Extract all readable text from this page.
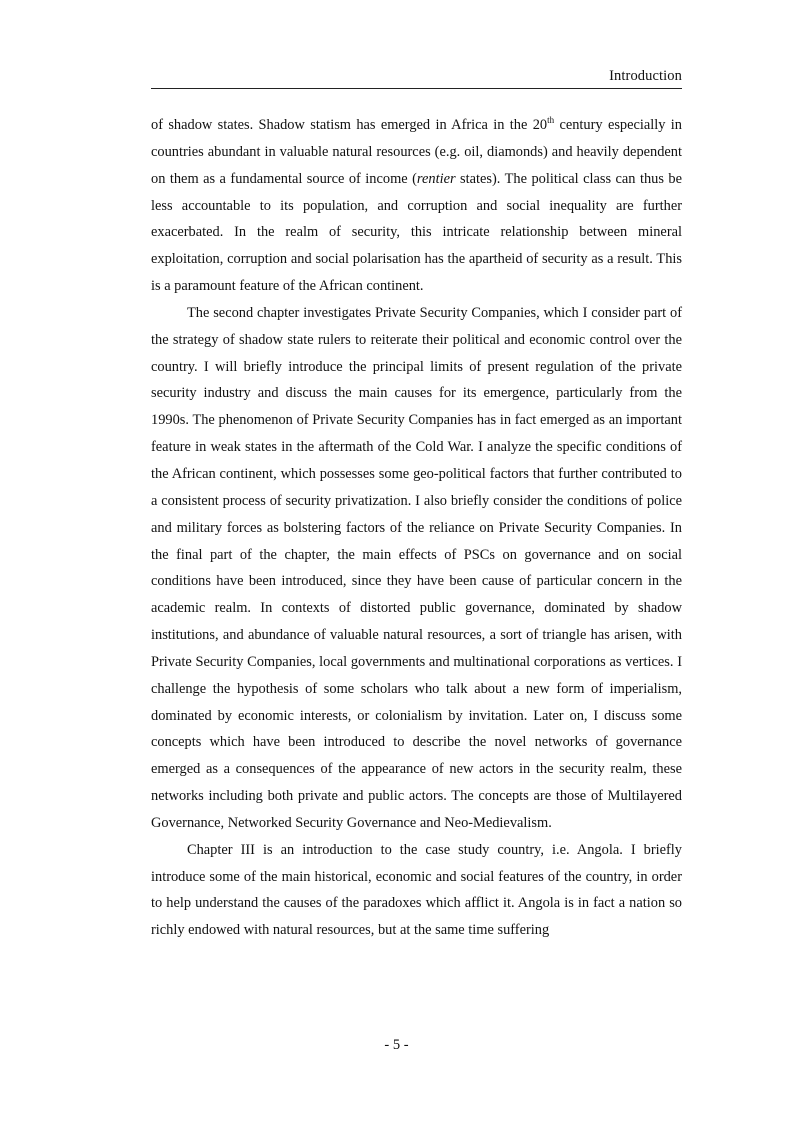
Introduction

of shadow states. Shadow statism has emerged in Africa in the 20th century especially in countries abundant in valuable natural resources (e.g. oil, diamonds) and heavily dependent on them as a fundamental source of income (rentier states). The political class can thus be less accountable to its population, and corruption and social inequality are further exacerbated. In the realm of security, this intricate relationship between mineral exploitation, corruption and social polarisation has the apartheid of security as a result. This is a paramount feature of the African continent.

The second chapter investigates Private Security Companies, which I consider part of the strategy of shadow state rulers to reiterate their political and economic control over the country. I will briefly introduce the principal limits of present regulation of the private security industry and discuss the main causes for its emergence, particularly from the 1990s. The phenomenon of Private Security Companies has in fact emerged as an important feature in weak states in the aftermath of the Cold War. I analyze the specific conditions of the African continent, which possesses some geo-political factors that further contributed to a consistent process of security privatization. I also briefly consider the conditions of police and military forces as bolstering factors of the reliance on Private Security Companies. In the final part of the chapter, the main effects of PSCs on governance and on social conditions have been introduced, since they have been cause of particular concern in the academic realm. In contexts of distorted public governance, dominated by shadow institutions, and abundance of valuable natural resources, a sort of triangle has arisen, with Private Security Companies, local governments and multinational corporations as vertices. I challenge the hypothesis of some scholars who talk about a new form of imperialism, dominated by economic interests, or colonialism by invitation. Later on, I discuss some concepts which have been introduced to describe the novel networks of governance emerged as a consequences of the appearance of new actors in the security realm, these networks including both private and public actors. The concepts are those of Multilayered Governance, Networked Security Governance and Neo-Medievalism.

Chapter III is an introduction to the case study country, i.e. Angola. I briefly introduce some of the main historical, economic and social features of the country, in order to help understand the causes of the paradoxes which afflict it. Angola is in fact a nation so richly endowed with natural resources, but at the same time suffering

- 5 -
